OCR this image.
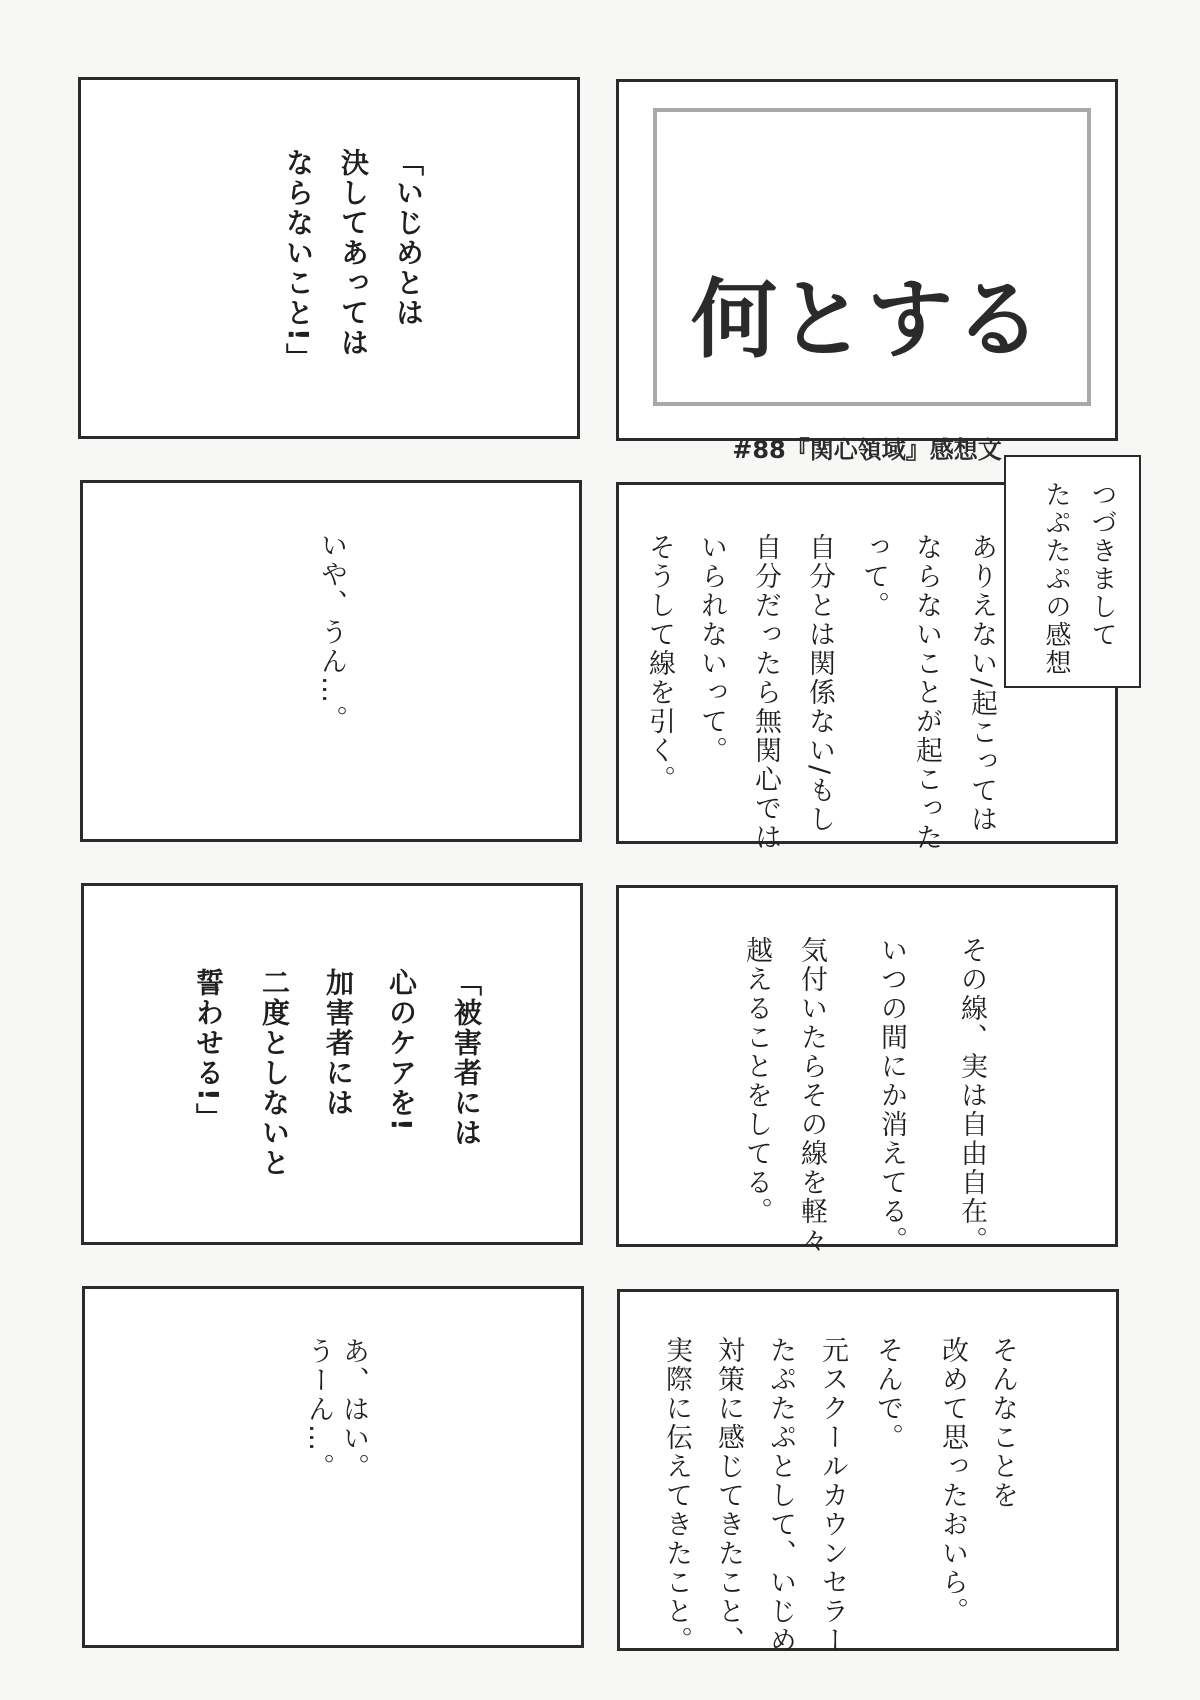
「いじめとは
決してあっては
ならないこと!」
いや、うん…。
「被害者には
心のケアを!
加害者には
二度としないと
誓わせる!」
あ、はい。
うーん…。
何とする
#88『関心領域』感想文
つづきまして
たぷたぷの感想
ありえない/起こっては
ならないことが起こった
って。
自分とは関係ない/もし
自分だったら無関心では
いられないって。
そうして線を引く。
その線、実は自由自在。
いつの間にか消えてる。
気付いたらその線を軽々
越えることをしてる。
そんなことを
改めて思ったおいら。
そんで。
元スクールカウンセラー
たぷたぷとして、いじめ
対策に感じてきたこと、
実際に伝えてきたこと。
